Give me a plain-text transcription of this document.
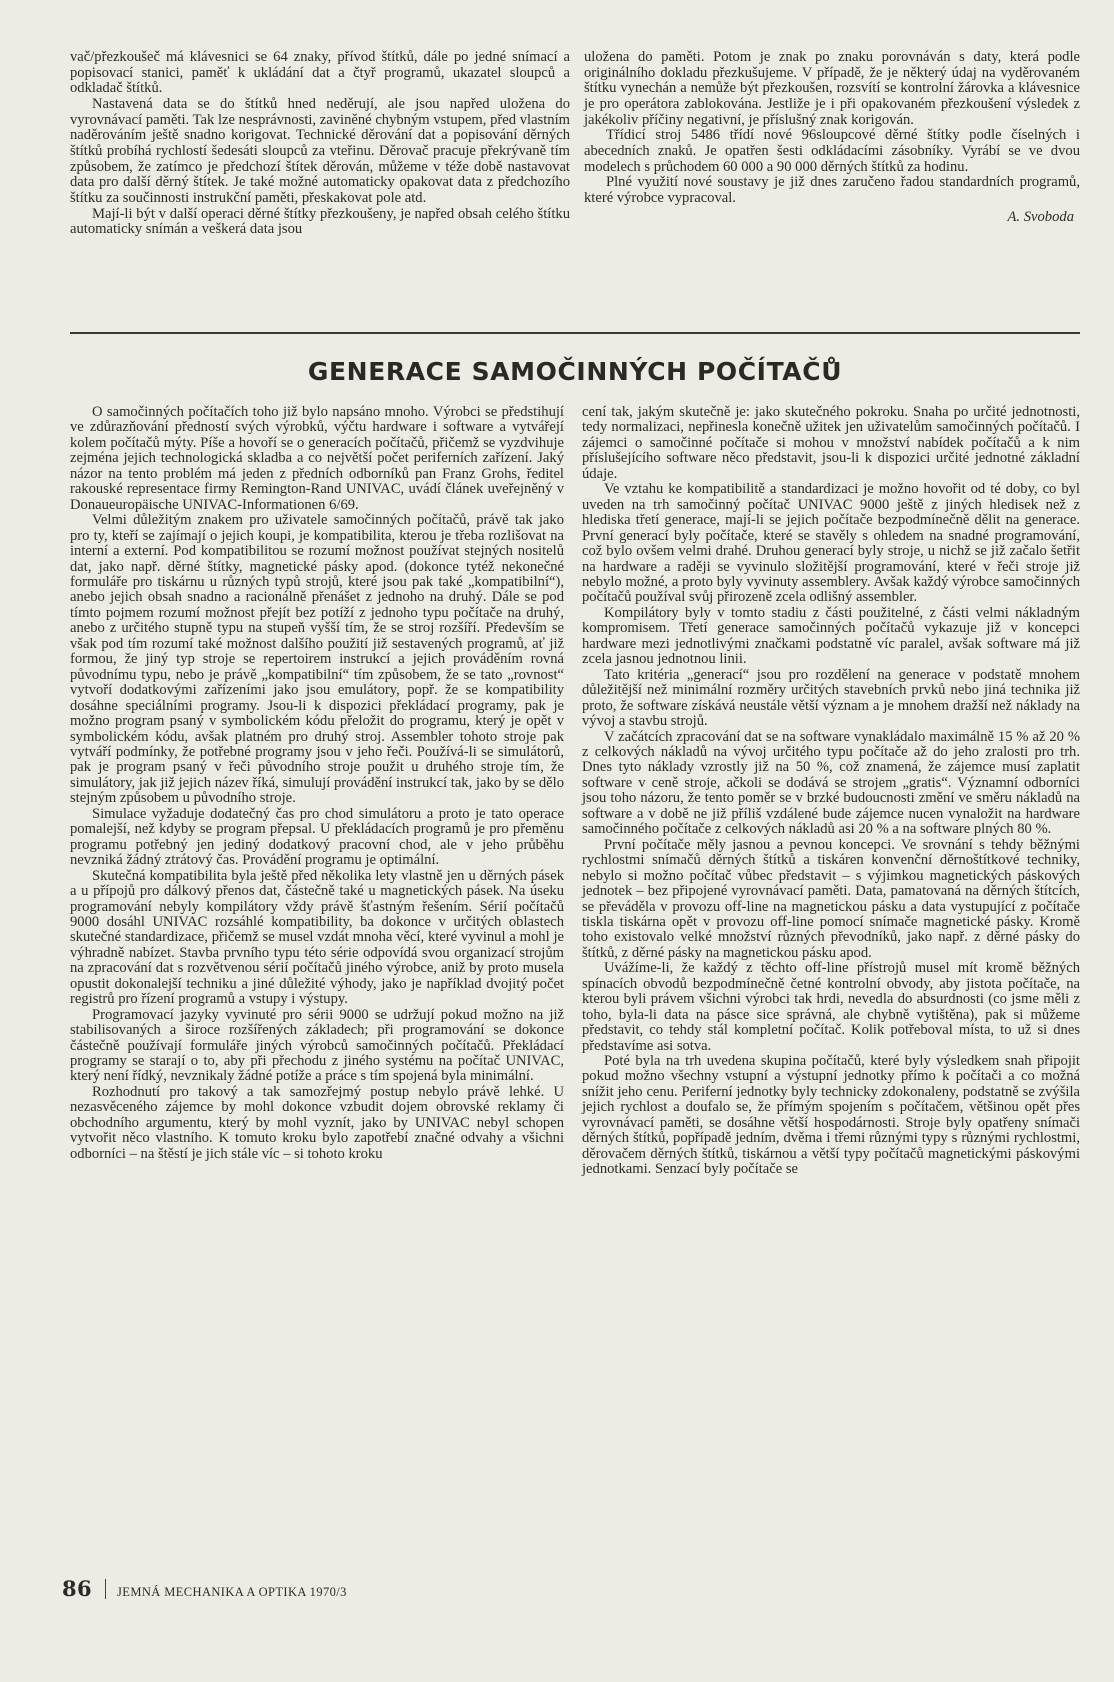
vač/přezkoušeč má klávesnici se 64 znaky, přívod štítků, dále po jedné snímací a popisovací stanici, paměť k ukládání dat a čtyř programů, ukazatel sloupců a odkladač štítků.

Nastavená data se do štítků hned neděrují, ale jsou napřed uložena do vyrovnávací paměti. Tak lze nesprávnosti, zaviněné chybným vstupem, před vlastním naděrováním ještě snadno korigovat. Technické děrování dat a popisování děrných štítků probíhá rychlostí šedesáti sloupců za vteřinu. Děrovač pracuje překrývaně tím způsobem, že zatímco je předchozí štítek děrován, můžeme v téže době nastavovat data pro další děrný štítek. Je také možné automaticky opakovat data z předchozího štítku za součinnosti instrukční paměti, přeskakovat pole atd.

Mají-li být v další operaci děrné štítky přezkoušeny, je napřed obsah celého štítku automaticky snímán a veškerá data jsou

uložena do paměti. Potom je znak po znaku porovnáván s daty, která podle originálního dokladu přezkušujeme. V případě, že je některý údaj na vyděrovaném štítku vynechán a nemůže být přezkoušen, rozsvítí se kontrolní žárovka a klávesnice je pro operátora zablokována. Jestliže je i při opakovaném přezkoušení výsledek z jakékoliv příčiny negativní, je příslušný znak korigován.

Třídicí stroj 5486 třídí nové 96sloupcové děrné štítky podle číselných i abecedních znaků. Je opatřen šesti odkládacími zásobníky. Vyrábí se ve dvou modelech s průchodem 60 000 a 90 000 děrných štítků za hodinu.

Plné využití nové soustavy je již dnes zaručeno řadou standardních programů, které výrobce vypracoval.

A. Svoboda
GENERACE SAMOČINNÝCH POČÍTAČŮ

O samočinných počítačích toho již bylo napsáno mnoho. Výrobci se předstihují ve zdůrazňování předností svých výrobků, výčtu hardware i software a vytvářejí kolem počítačů mýty. Píše a hovoří se o generacích počítačů, přičemž se vyzdvihuje zejména jejich technologická skladba a co největší počet periferních zařízení. Jaký názor na tento problém má jeden z předních odborníků pan Franz Grohs, ředitel rakouské representace firmy Remington-Rand UNIVAC, uvádí článek uveřejněný v Donaueuropäische UNIVAC-Informationen 6/69.

Velmi důležitým znakem pro uživatele samočinných počítačů, právě tak jako pro ty, kteří se zajímají o jejich koupi, je kompatibilita, kterou je třeba rozlišovat na interní a externí. Pod kompatibilitou se rozumí možnost používat stejných nositelů dat, jako např. děrné štítky, magnetické pásky apod. (dokonce tytéž nekonečné formuláře pro tiskárnu u různých typů strojů, které jsou pak také „kompatibilní“), anebo jejich obsah snadno a racionálně přenášet z jednoho na druhý. Dále se pod tímto pojmem rozumí možnost přejít bez potíží z jednoho typu počítače na druhý, anebo z určitého stupně typu na stupeň vyšší tím, že se stroj rozšíří. Především se však pod tím rozumí také možnost dalšího použití již sestavených programů, ať již formou, že jiný typ stroje se repertoirem instrukcí a jejich prováděním rovná původnímu typu, nebo je právě „kompatibilní“ tím způsobem, že se tato „rovnost“ vytvoří dodatkovými zařízeními jako jsou emulátory, popř. že se kompatibility dosáhne speciálními programy. Jsou-li k dispozici překládací programy, pak je možno program psaný v symbolickém kódu přeložit do programu, který je opět v symbolickém kódu, avšak platném pro druhý stroj. Assembler tohoto stroje pak vytváří podmínky, že potřebné programy jsou v jeho řeči. Používá-li se simulátorů, pak je program psaný v řeči původního stroje použit u druhého stroje tím, že simulátory, jak již jejich název říká, simulují provádění instrukcí tak, jako by se dělo stejným způsobem u původního stroje.

Simulace vyžaduje dodatečný čas pro chod simulátoru a proto je tato operace pomalejší, než kdyby se program přepsal. U překládacích programů je pro přeměnu programu potřebný jen jediný dodatkový pracovní chod, ale v jeho průběhu nevzniká žádný ztrátový čas. Provádění programu je optimální.

Skutečná kompatibilita byla ještě před několika lety vlastně jen u děrných pásek a u přípojů pro dálkový přenos dat, částečně také u magnetických pásek. Na úseku programování nebyly kompilátory vždy právě šťastným řešením. Sérií počítačů 9000 dosáhl UNIVAC rozsáhlé kompatibility, ba dokonce v určitých oblastech skutečné standardizace, přičemž se musel vzdát mnoha věcí, které vyvinul a mohl je výhradně nabízet. Stavba prvního typu této série odpovídá svou organizací strojům na zpracování dat s rozvětvenou sérií počítačů jiného výrobce, aniž by proto musela opustit dokonalejší techniku a jiné důležité výhody, jako je například dvojitý počet registrů pro řízení programů a vstupy i výstupy.

Programovací jazyky vyvinuté pro sérii 9000 se udržují pokud možno na již stabilisovaných a široce rozšířených základech; při programování se dokonce částečně používají formuláře jiných výrobců samočinných počítačů. Překládací programy se starají o to, aby při přechodu z jiného systému na počítač UNIVAC, který není řídký, nevznikaly žádné potíže a práce s tím spojená byla minimální.

Rozhodnutí pro takový a tak samozřejmý postup nebylo právě lehké. U nezasvěceného zájemce by mohl dokonce vzbudit dojem obrovské reklamy či obchodního argumentu, který by mohl vyznít, jako by UNIVAC nebyl schopen vytvořit něco vlastního. K tomuto kroku bylo zapotřebí značné odvahy a všichni odborníci – na štěstí je jich stále víc – si tohoto kroku

cení tak, jakým skutečně je: jako skutečného pokroku. Snaha po určité jednotnosti, tedy normalizaci, nepřinesla konečně užitek jen uživatelům samočinných počítačů. I zájemci o samočinné počítače si mohou v množství nabídek počítačů a k nim příslušejícího software něco představit, jsou-li k dispozici určité jednotné základní údaje.

Ve vztahu ke kompatibilitě a standardizaci je možno hovořit od té doby, co byl uveden na trh samočinný počítač UNIVAC 9000 ještě z jiných hledisek než z hlediska třetí generace, mají-li se jejich počítače bezpodmínečně dělit na generace. První generací byly počítače, které se stavěly s ohledem na snadné programování, což bylo ovšem velmi drahé. Druhou generací byly stroje, u nichž se již začalo šetřit na hardware a raději se vyvinulo složitější programování, které v řeči stroje již nebylo možné, a proto byly vyvinuty assemblery. Avšak každý výrobce samočinných počítačů používal svůj přirozeně zcela odlišný assembler.

Kompilátory byly v tomto stadiu z části použitelné, z části velmi nákladným kompromisem. Třetí generace samočinných počítačů vykazuje již v koncepci hardware mezi jednotlivými značkami podstatně víc paralel, avšak software má již zcela jasnou jednotnou linii.

Tato kritéria „generací“ jsou pro rozdělení na generace v podstatě mnohem důležitější než minimální rozměry určitých stavebních prvků nebo jiná technika již proto, že software získává neustále větší význam a je mnohem dražší než náklady na vývoj a stavbu strojů.

V začátcích zpracování dat se na software vynakládalo maximálně 15 % až 20 % z celkových nákladů na vývoj určitého typu počítače až do jeho zralosti pro trh. Dnes tyto náklady vzrostly již na 50 %, což znamená, že zájemce musí zaplatit software v ceně stroje, ačkoli se dodává se strojem „gratis“. Významní odborníci jsou toho názoru, že tento poměr se v brzké budoucnosti změní ve směru nákladů na software a v době ne již příliš vzdálené bude zájemce nucen vynaložit na hardware samočinného počítače z celkových nákladů asi 20 % a na software plných 80 %.

První počítače měly jasnou a pevnou koncepci. Ve srovnání s tehdy běžnými rychlostmi snímačů děrných štítků a tiskáren konvenční děrnoštítkové techniky, nebylo si možno počítač vůbec představit – s výjimkou magnetických páskových jednotek – bez připojené vyrovnávací paměti. Data, pamatovaná na děrných štítcích, se převáděla v provozu off-line na magnetickou pásku a data vystupující z počítače tiskla tiskárna opět v provozu off-line pomocí snímače magnetické pásky. Kromě toho existovalo velké množství různých převodníků, jako např. z děrné pásky do štítků, z děrné pásky na magnetickou pásku apod.

Uvážíme-li, že každý z těchto off-line přístrojů musel mít kromě běžných spínacích obvodů bezpodmínečně četné kontrolní obvody, aby jistota počítače, na kterou byli právem všichni výrobci tak hrdi, nevedla do absurdnosti (co jsme měli z toho, byla-li data na pásce sice správná, ale chybně vytištěna), pak si můžeme představit, co tehdy stál kompletní počítač. Kolik potřeboval místa, to už si dnes představíme asi sotva.

Poté byla na trh uvedena skupina počítačů, které byly výsledkem snah připojit pokud možno všechny vstupní a výstupní jednotky přímo k počítači a co možná snížit jeho cenu. Periferní jednotky byly technicky zdokonaleny, podstatně se zvýšila jejich rychlost a doufalo se, že přímým spojením s počítačem, většinou opět přes vyrovnávací paměti, se dosáhne větší hospodárnosti. Stroje byly opatřeny snímači děrných štítků, popřípadě jedním, dvěma i třemi různými typy s různými rychlostmi, děrovačem děrných štítků, tiskárnou a větší typy počítačů magnetickými páskovými jednotkami. Senzací byly počítače se

86 JEMNÁ MECHANIKA A OPTIKA 1970/3
